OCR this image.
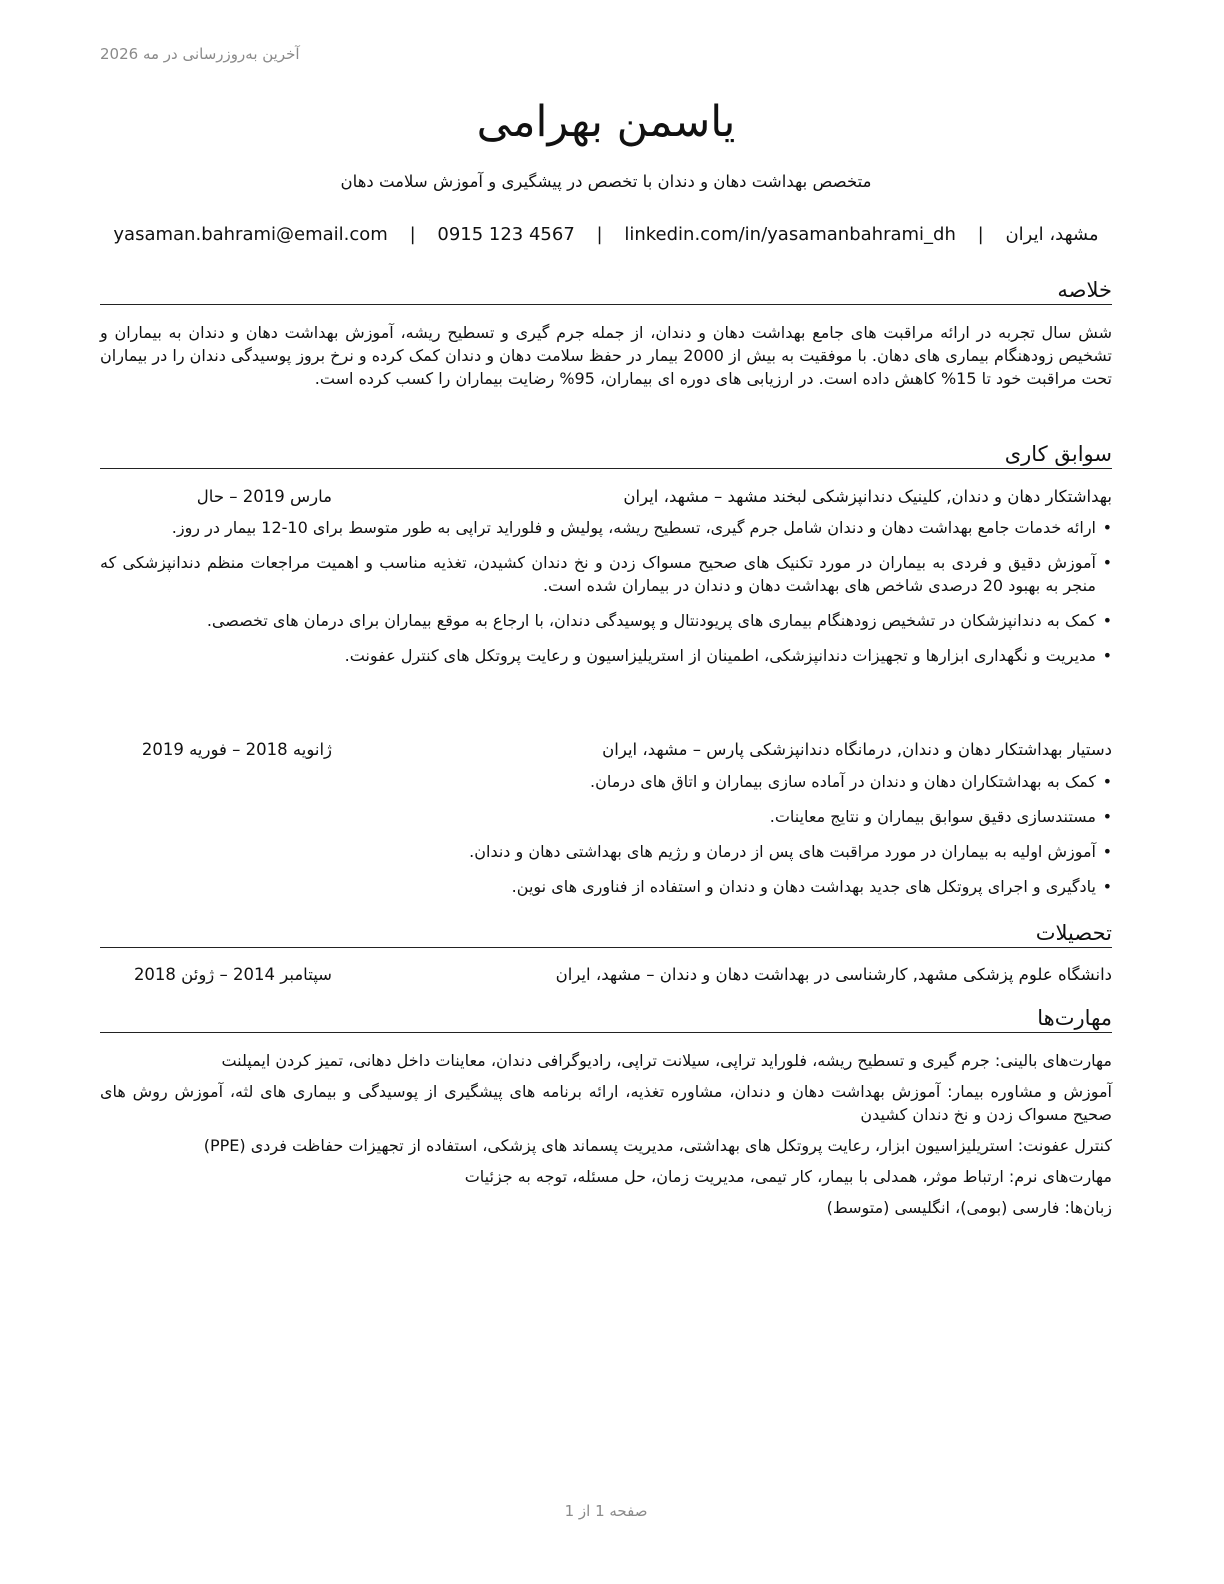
آخرین به‌روزرسانی در مه 2026
یاسمن بهرامی
متخصص بهداشت دهان و دندان با تخصص در پیشگیری و آموزش سلامت دهان
مشهد، ایران | yasaman.bahrami@email.com | 0915 123 4567 | linkedin.com/in/yasamanbahrami_dh
خلاصه
شش سال تجربه در ارائه مراقبت های جامع بهداشت دهان و دندان، از جمله جرم گیری و تسطیح ریشه، آموزش بهداشت دهان و دندان به بیماران و تشخیص زودهنگام بیماری های دهان. با موفقیت به بیش از 2000 بیمار در حفظ سلامت دهان و دندان کمک کرده و نرخ بروز پوسیدگی دندان را در بیماران تحت مراقبت خود تا 15% کاهش داده است. در ارزیابی های دوره ای بیماران، 95% رضایت بیماران را کسب کرده است.
سوابق کاری
بهداشتکار دهان و دندان, کلینیک دندانپزشکی لبخند مشهد – مشهد، ایران
مارس 2019 – حال
• ارائه خدمات جامع بهداشت دهان و دندان شامل جرم گیری، تسطیح ریشه، پولیش و فلوراید تراپی به طور متوسط برای 10-12 بیمار در روز.
• آموزش دقیق و فردی به بیماران در مورد تکنیک های صحیح مسواک زدن و نخ دندان کشیدن، تغذیه مناسب و اهمیت مراجعات منظم دندانپزشکی که منجر به بهبود 20 درصدی شاخص های بهداشت دهان و دندان در بیماران شده است.
• کمک به دندانپزشکان در تشخیص زودهنگام بیماری های پریودنتال و پوسیدگی دندان، با ارجاع به موقع بیماران برای درمان های تخصصی.
• مدیریت و نگهداری ابزارها و تجهیزات دندانپزشکی، اطمینان از استریلیزاسیون و رعایت پروتکل های کنترل عفونت.
دستیار بهداشتکار دهان و دندان, درمانگاه دندانپزشکی پارس – مشهد، ایران
ژانویه 2018 – فوریه 2019
• کمک به بهداشتکاران دهان و دندان در آماده سازی بیماران و اتاق های درمان.
• مستندسازی دقیق سوابق بیماران و نتایج معاینات.
• آموزش اولیه به بیماران در مورد مراقبت های پس از درمان و رژیم های بهداشتی دهان و دندان.
• یادگیری و اجرای پروتکل های جدید بهداشت دهان و دندان و استفاده از فناوری های نوین.
تحصیلات
دانشگاه علوم پزشکی مشهد, کارشناسی در بهداشت دهان و دندان – مشهد، ایران
سپتامبر 2014 – ژوئن 2018
مهارت‌ها
مهارت‌های بالینی: جرم گیری و تسطیح ریشه، فلوراید تراپی، سیلانت تراپی، رادیوگرافی دندان، معاینات داخل دهانی، تمیز کردن ایمپلنت
آموزش و مشاوره بیمار: آموزش بهداشت دهان و دندان، مشاوره تغذیه، ارائه برنامه های پیشگیری از پوسیدگی و بیماری های لثه، آموزش روش های صحیح مسواک زدن و نخ دندان کشیدن
کنترل عفونت: استریلیزاسیون ابزار، رعایت پروتکل های بهداشتی، مدیریت پسماند های پزشکی، استفاده از تجهیزات حفاظت فردی (PPE)
مهارت‌های نرم: ارتباط موثر، همدلی با بیمار، کار تیمی، مدیریت زمان، حل مسئله، توجه به جزئیات
زبان‌ها: فارسی (بومی)، انگلیسی (متوسط)
صفحه 1 از 1
